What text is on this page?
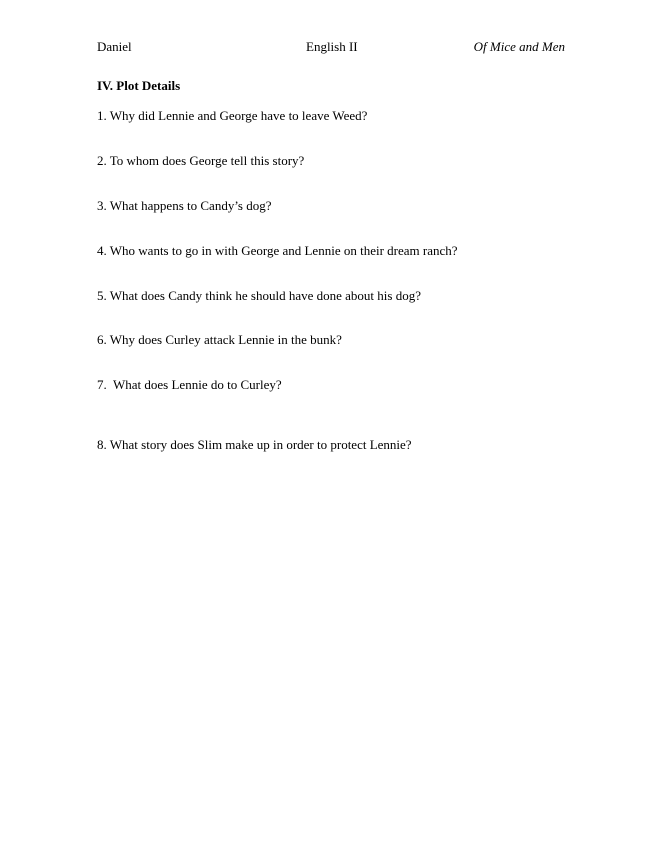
Daniel	English II	Of Mice and Men
IV. Plot Details
1. Why did Lennie and George have to leave Weed?
2. To whom does George tell this story?
3. What happens to Candy’s dog?
4. Who wants to go in with George and Lennie on their dream ranch?
5. What does Candy think he should have done about his dog?
6. Why does Curley attack Lennie in the bunk?
7.  What does Lennie do to Curley?
8. What story does Slim make up in order to protect Lennie?
